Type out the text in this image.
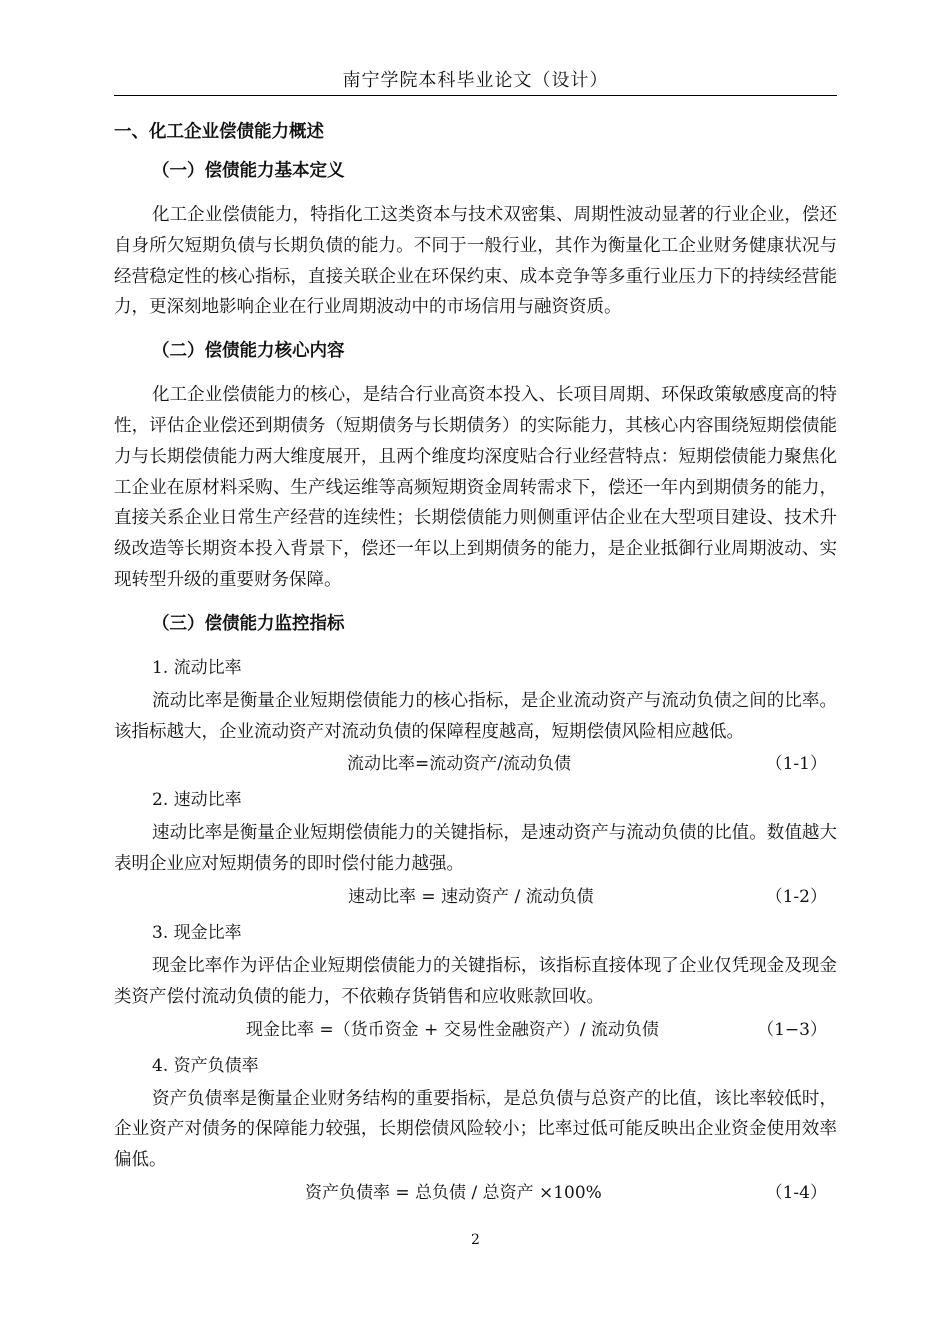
南宁学院本科毕业论文（设计）
一、化工企业偿债能力概述
（一）偿债能力基本定义

化工企业偿债能力，特指化工这类资本与技术双密集、周期性波动显著的行业企业，偿还自身所欠短期负债与长期负债的能力。不同于一般行业，其作为衡量化工企业财务健康状况与经营稳定性的核心指标，直接关联企业在环保约束、成本竞争等多重行业压力下的持续经营能力，更深刻地影响企业在行业周期波动中的市场信用与融资资质。

（二）偿债能力核心内容

化工企业偿债能力的核心，是结合行业高资本投入、长项目周期、环保政策敏感度高的特性，评估企业偿还到期债务（短期债务与长期债务）的实际能力，其核心内容围绕短期偿债能力与长期偿债能力两大维度展开，且两个维度均深度贴合行业经营特点：短期偿债能力聚焦化工企业在原材料采购、生产线运维等高频短期资金周转需求下，偿还一年内到期债务的能力，直接关系企业日常生产经营的连续性；长期偿债能力则侧重评估企业在大型项目建设、技术升级改造等长期资本投入背景下，偿还一年以上到期债务的能力，是企业抵御行业周期波动、实现转型升级的重要财务保障。

（三）偿债能力监控指标
1. 流动比率

流动比率是衡量企业短期偿债能力的核心指标，是企业流动资产与流动负债之间的比率。该指标越大，企业流动资产对流动负债的保障程度越高，短期偿债风险相应越低。

流动比率=流动资产/流动负债	（1-1）
2. 速动比率

速动比率是衡量企业短期偿债能力的关键指标，是速动资产与流动负债的比值。数值越大表明企业应对短期债务的即时偿付能力越强。

速动比率 = 速动资产 / 流动负债	（1-2）
3. 现金比率

现金比率作为评估企业短期偿债能力的关键指标，该指标直接体现了企业仅凭现金及现金类资产偿付流动负债的能力，不依赖存货销售和应收账款回收。

现金比率 =（货币资金 + 交易性金融资产）/ 流动负债	（1−3）
4. 资产负债率

资产负债率是衡量企业财务结构的重要指标，是总负债与总资产的比值，该比率较低时，企业资产对债务的保障能力较强，长期偿债风险较小；比率过低可能反映出企业资金使用效率偏低。

资产负债率 = 总负债 / 总资产 ×100%	（1-4）
2
